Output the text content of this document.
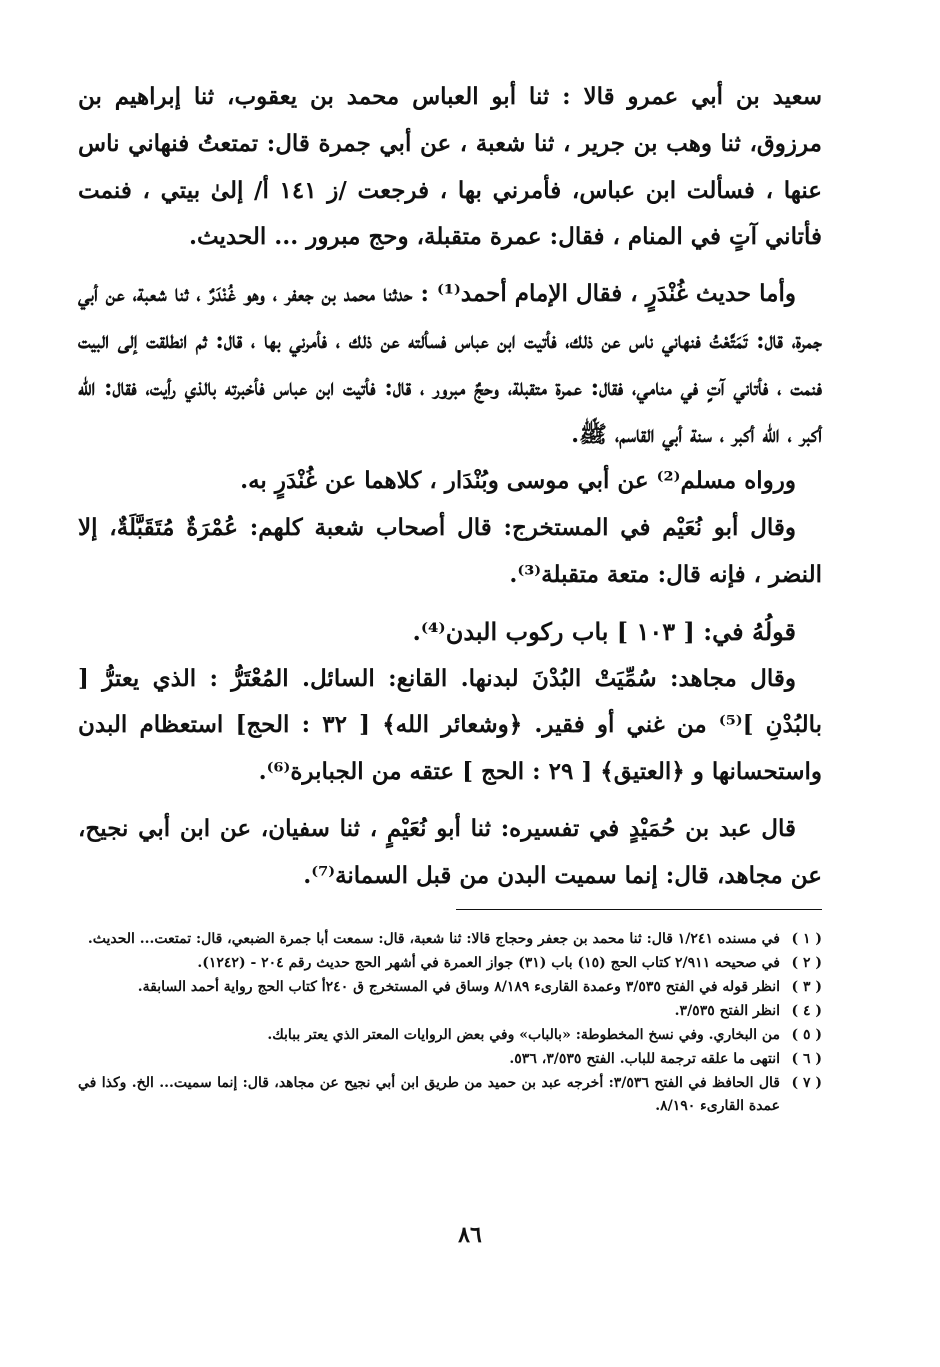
سعيد بن أبي عمرو قالا : ثنا أبو العباس محمد بن يعقوب، ثنا إبراهيم بن مرزوق، ثنا وهب بن جرير ، ثنا شعبة ، عن أبي جمرة قال: تمتعتُ فنهاني ناس عنها ، فسألت ابن عباس، فأمرني بها ، فرجعت /ز ١٤١ أ/ إلىٰ بيتي ، فنمت فأتاني آتٍ في المنام ، فقال: عمرة متقبلة، وحج مبرور ... الحديث.

وأما حديث غُنْدَرٍ ، فقال الإمام أحمد⁽¹⁾ : حدثنا محمد بن جعفر ، وهو غُنْدَرٌ ، ثنا شعبة، عن أبي جمرة، قال: تَمَتَّعْتُ فنهاني ناس عن ذلك، فأتيت ابن عباس فسألته عن ذلك ، فأمرني بها ، قال: ثم انطلقت إلى البيت فنمت ، فأتاني آتٍ في منامي، فقال: عمرة متقبلة، وحجٌ مبرور ، قال: فأتيت ابن عباس فأخبرته بالذي رأيت، فقال: الله أكبر ، الله أكبر ، سنة أبي القاسم، ﷺ.

ورواه مسلم⁽²⁾ عن أبي موسى وبُنْدَار ، كلاهما عن غُنْدَرٍ به.

وقال أبو نُعَيْم في المستخرج: قال أصحاب شعبة كلهم: عُمْرَةٌ مُتَقَبَّلَةٌ، إلا النضر ، فإنه قال: متعة متقبلة⁽³⁾.

قولُهُ في: [ ١٠٣ ] باب ركوب البدن⁽⁴⁾.

وقال مجاهد: سُمِّيَتْ البُدْنَ لبدنها. القانع: السائل. المُعْتَرُّ : الذي يعترُّ [ بالبُدْنِ ]⁽⁵⁾ من غني أو فقير. ﴿وشعائر الله﴾ [ ٣٢ : الحج] استعظام البدن واستحسانها و ﴿العتيق﴾ [ ٢٩ : الحج ] عتقه من الجبابرة⁽⁶⁾.

قال عبد بن حُمَيْدٍ في تفسيره: ثنا أبو نُعَيْمٍ ، ثنا سفيان، عن ابن أبي نجيح، عن مجاهد، قال: إنما سميت البدن من قبل السمانة⁽⁷⁾.

( ١ )
في مسنده ١/٢٤١ قال: ثنا محمد بن جعفر وحجاج قالا: ثنا شعبة، قال: سمعت أبا جمرة الضبعي، قال: تمتعت... الحديث.
( ٢ )
في صحيحه ٢/٩١١ كتاب الحج (١٥) باب (٣١) جواز العمرة في أشهر الحج حديث رقم ٢٠٤ - (١٢٤٢).
( ٣ )
انظر قوله في الفتح ٣/٥٣٥ وعمدة القارىء ٨/١٨٩ وساق في المستخرج ق ٢٤٠أ كتاب الحج رواية أحمد السابقة.
( ٤ )
انظر الفتح ٣/٥٣٥.
( ٥ )
من البخاري. وفي نسخ المخطوطة: «بالباب» وفي بعض الروايات المعتر الذي يعتر ببابك.
( ٦ )
انتهى ما علقه ترجمة للباب. الفتح ٣/٥٣٥، ٥٣٦.
( ٧ )
قال الحافظ في الفتح ٣/٥٣٦: أخرجه عبد بن حميد من طريق ابن أبي نجيح عن مجاهد، قال: إنما سميت... الخ. وكذا في عمدة القارىء ٨/١٩٠.
٨٦
